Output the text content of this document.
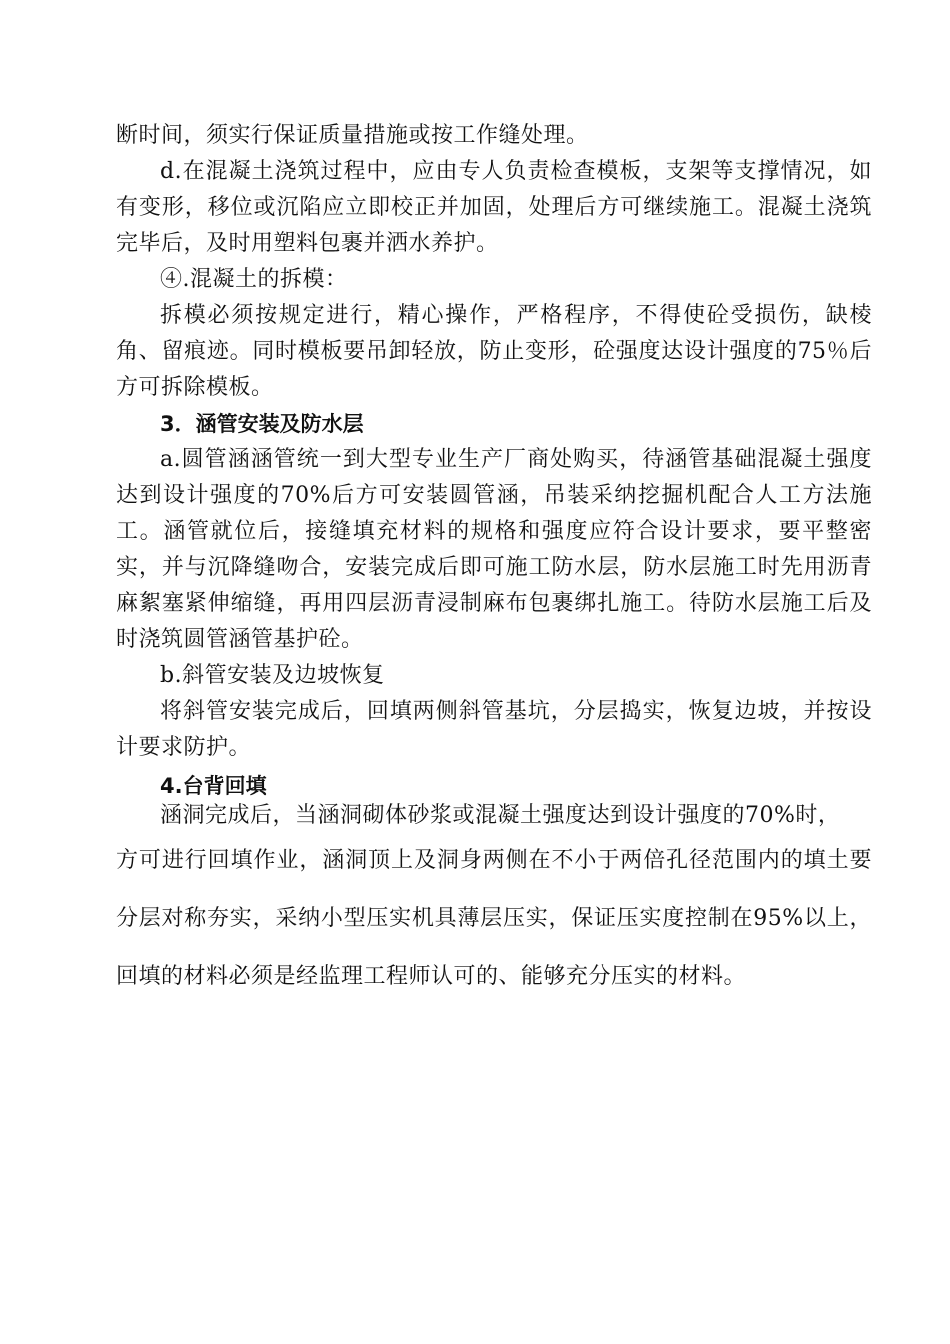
断时间，须实行保证质量措施或按工作缝处理。

d.在混凝土浇筑过程中，应由专人负责检查模板，支架等支撑情况，如有变形，移位或沉陷应立即校正并加固，处理后方可继续施工。混凝土浇筑完毕后，及时用塑料包裹并洒水养护。

④.混凝土的拆模：

拆模必须按规定进行，精心操作，严格程序，不得使砼受损伤，缺棱角、留痕迹。同时模板要吊卸轻放，防止变形，砼强度达设计强度的75％后方可拆除模板。

3．涵管安装及防水层

a.圆管涵涵管统一到大型专业生产厂商处购买，待涵管基础混凝土强度达到设计强度的70%后方可安装圆管涵，吊装采纳挖掘机配合人工方法施工。涵管就位后，接缝填充材料的规格和强度应符合设计要求，要平整密实，并与沉降缝吻合，安装完成后即可施工防水层，防水层施工时先用沥青麻絮塞紧伸缩缝，再用四层沥青浸制麻布包裹绑扎施工。待防水层施工后及时浇筑圆管涵管基护砼。

b.斜管安装及边坡恢复

将斜管安装完成后，回填两侧斜管基坑，分层捣实，恢复边坡，并按设计要求防护。

4.台背回填

涵洞完成后，当涵洞砌体砂浆或混凝土强度达到设计强度的70%时，

方可进行回填作业，涵洞顶上及洞身两侧在不小于两倍孔径范围内的填土要分层对称夯实，采纳小型压实机具薄层压实，保证压实度控制在95%以上，回填的材料必须是经监理工程师认可的、能够充分压实的材料。
